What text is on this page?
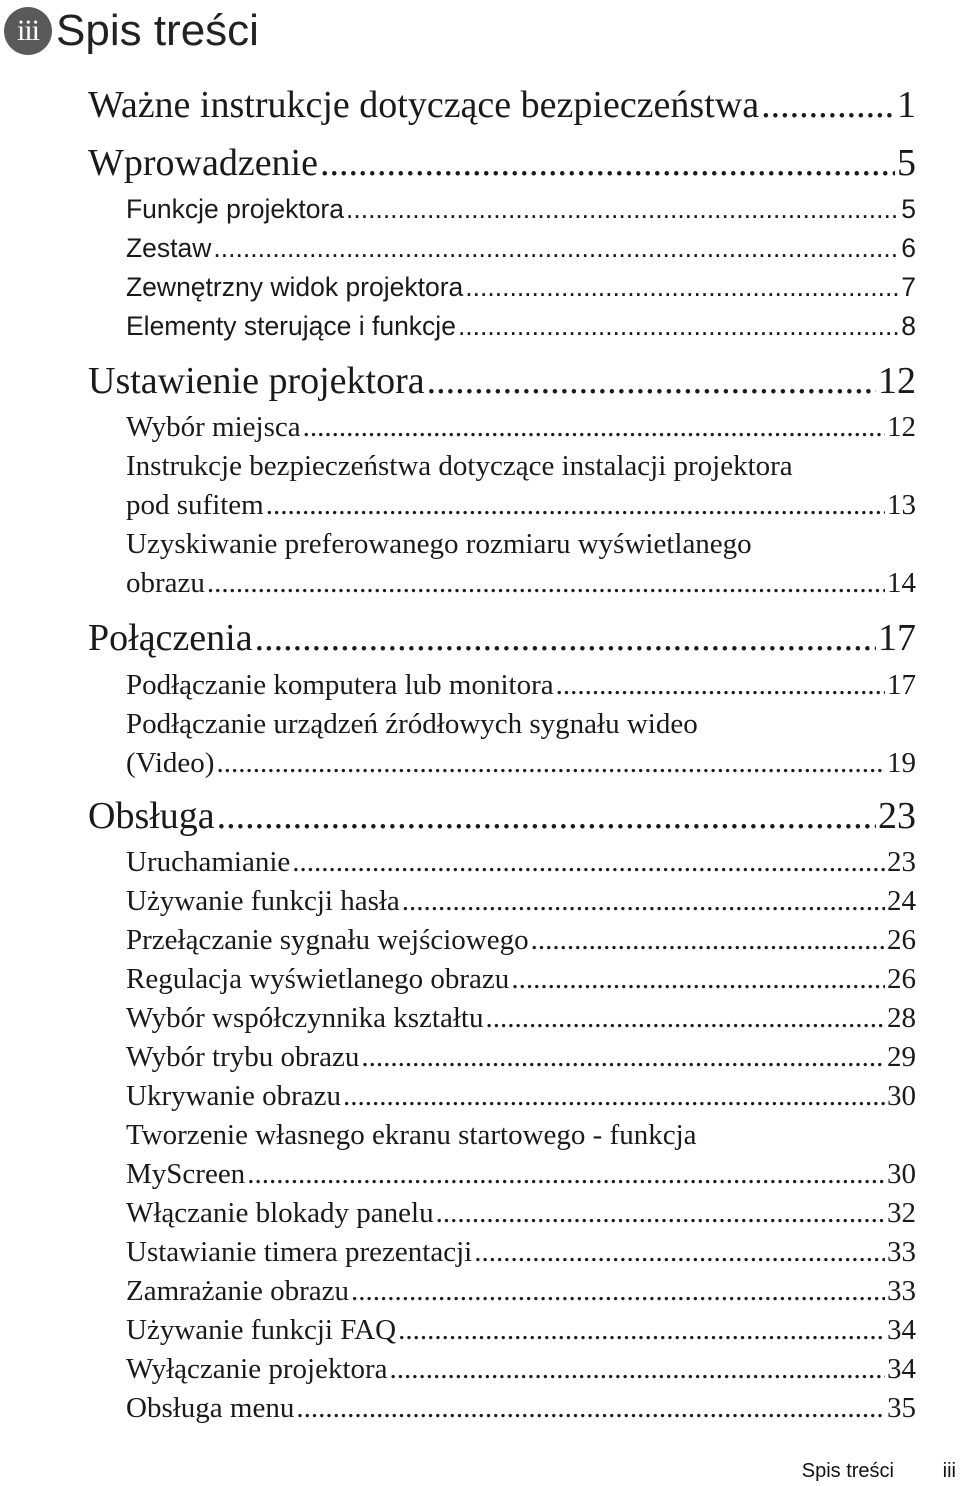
iii Spis treści
Ważne instrukcje dotyczące bezpieczeństwa .....	1
Wprowadzenie .....	5
Funkcje projektora .....	5
Zestaw .....	6
Zewnętrzny widok projektora .....	7
Elementy sterujące i funkcje .....	8
Ustawienie projektora .....	12
Wybór miejsca .....	12
Instrukcje bezpieczeństwa dotyczące instalacji projektora
pod sufitem .....	13
Uzyskiwanie preferowanego rozmiaru wyświetlanego
obrazu .....	14
Połączenia .....	17
Podłączanie komputera lub monitora .....	17
Podłączanie urządzeń źródłowych sygnału wideo
(Video) .....	19
Obsługa .....	23
Uruchamianie .....	23
Używanie funkcji hasła .....	24
Przełączanie sygnału wejściowego .....	26
Regulacja wyświetlanego obrazu .....	26
Wybór współczynnika kształtu .....	28
Wybór trybu obrazu .....	29
Ukrywanie obrazu .....	30
Tworzenie własnego ekranu startowego - funkcja
MyScreen .....	30
Włączanie blokady panelu .....	32
Ustawianie timera prezentacji .....	33
Zamrażanie obrazu .....	33
Używanie funkcji FAQ .....	34
Wyłączanie projektora .....	34
Obsługa menu .....	35
Spis treści iii
